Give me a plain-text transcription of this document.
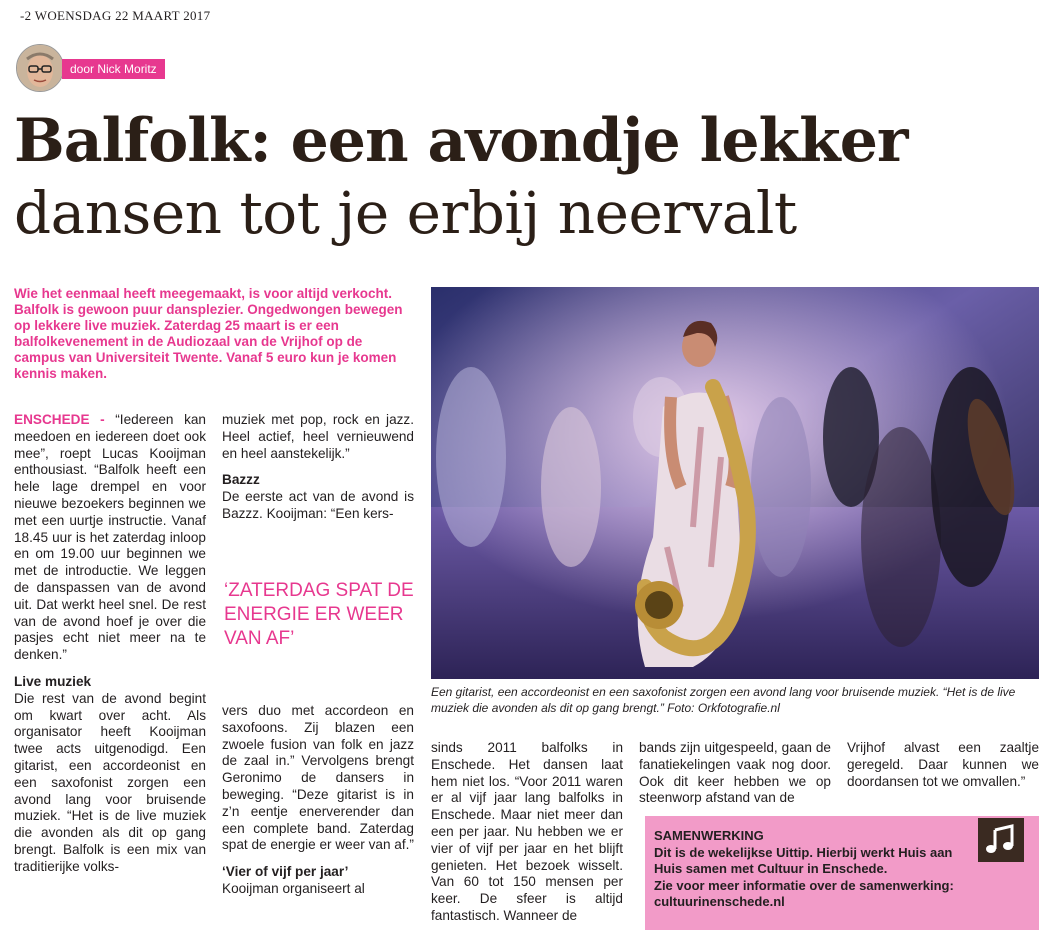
-2 WOENSDAG 22 MAART 2017
door Nick Moritz
Balfolk: een avondje lekker
dansen tot je erbij neervalt
Wie het eenmaal heeft meegemaakt, is voor altijd verkocht. Balfolk is gewoon puur dansplezier. Ongedwongen bewegen op lekkere live muziek. Zaterdag 25 maart is er een balfolkevenement in de Audiozaal van de Vrijhof op de campus van Universiteit Twente. Vanaf 5 euro kun je komen kennis maken.

ENSCHEDE - “Iedereen kan meedoen en iedereen doet ook mee”, roept Lucas Kooijman enthousiast. “Balfolk heeft een hele lage drempel en voor nieuwe bezoekers beginnen we met een uurtje instructie. Vanaf 18.45 uur is het zaterdag inloop en om 19.00 uur beginnen we met de introductie. We leggen de danspassen van de avond uit. Dat werkt heel snel. De rest van de avond hoef je over die pasjes echt niet meer na te denken.”

Live muziek

Die rest van de avond begint om kwart over acht. Als organisator heeft Kooijman twee acts uitgenodigd. Een gitarist, een accordeonist en een saxofonist zorgen een avond lang voor bruisende muziek. “Het is de live muziek die avonden als dit op gang brengt. Balfolk is een mix van traditierijke volks-

muziek met pop, rock en jazz. Heel actief, heel vernieuwend en heel aanstekelijk.”

Bazzz

De eerste act van de avond is Bazzz. Kooijman: “Een kers-

‘ZATERDAG SPAT DE ENERGIE ER WEER VAN AF’

vers duo met accordeon en saxofoons. Zij blazen een zwoele fusion van folk en jazz de zaal in.” Vervolgens brengt Geronimo de dansers in beweging. “Deze gitarist is in z’n eentje enerverender dan een complete band. Zaterdag spat de energie er weer van af.”

‘Vier of vijf per jaar’

Kooijman organiseert al

Een gitarist, een accordeonist en een saxofonist zorgen een avond lang voor bruisende muziek. “Het is de live muziek die avonden als dit op gang brengt.” Foto: Orkfotografie.nl

sinds 2011 balfolks in Enschede. Het dansen laat hem niet los. “Voor 2011 waren er al vijf jaar lang balfolks in Enschede. Maar niet meer dan een per jaar. Nu hebben we er vier of vijf per jaar en het blijft genieten. Het bezoek wisselt. Van 60 tot 150 mensen per keer. De sfeer is altijd fantastisch. Wanneer de

bands zijn uitgespeeld, gaan de fanatiekelingen vaak nog door. Ook dit keer hebben we op steenworp afstand van de

Vrijhof alvast een zaaltje geregeld. Daar kunnen we doordansen tot we omvallen.”

SAMENWERKING
Dit is de wekelijkse Uittip. Hierbij werkt Huis aan Huis samen met Cultuur in Enschede.
Zie voor meer informatie over de samenwerking: cultuurinenschede.nl
